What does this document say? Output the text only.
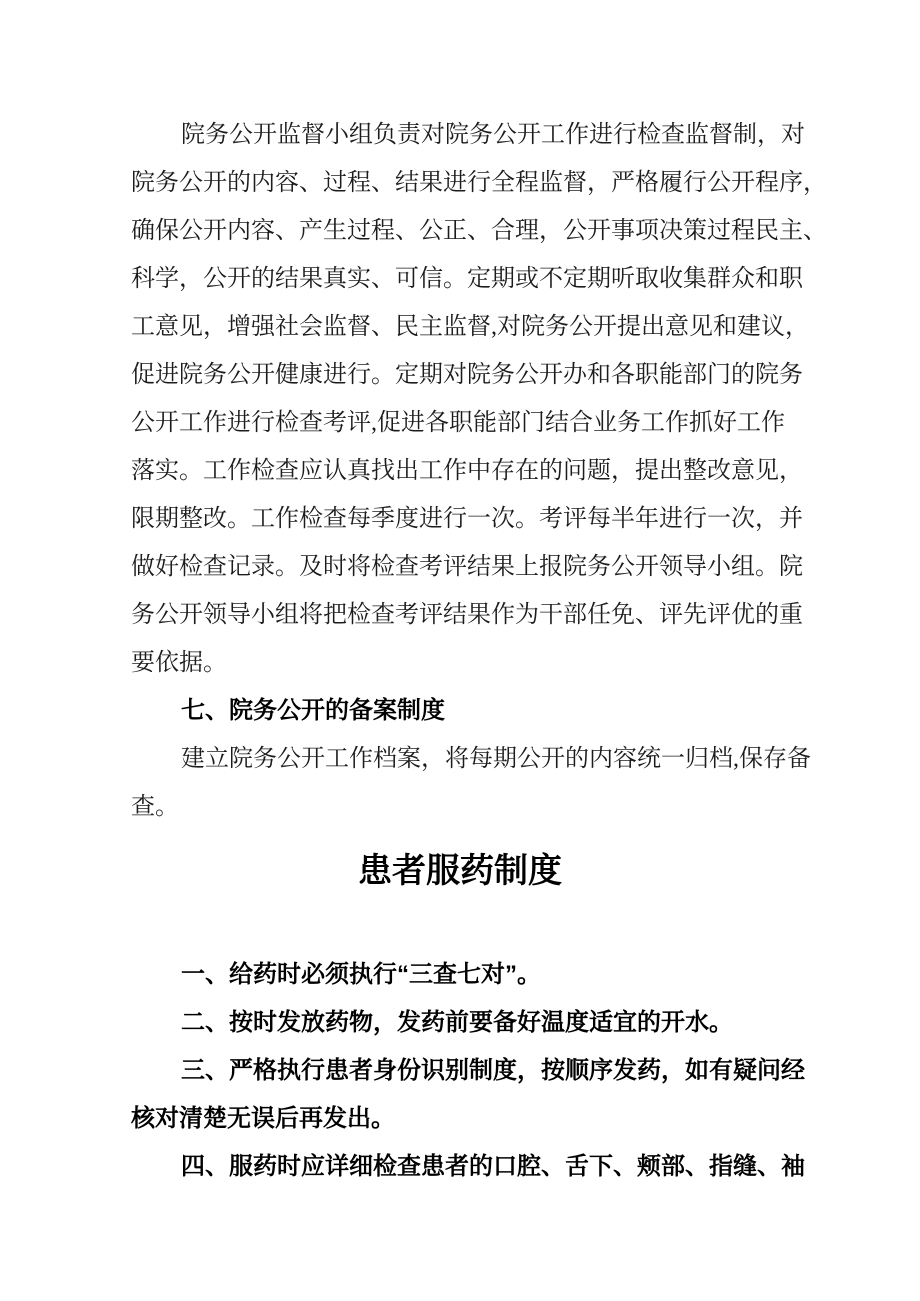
院务公开监督小组负责对院务公开工作进行检查监督制，对
院务公开的内容、过程、结果进行全程监督，严格履行公开程序，
确保公开内容、产生过程、公正、合理，公开事项决策过程民主、
科学，公开的结果真实、可信。定期或不定期听取收集群众和职
工意见，增强社会监督、民主监督,对院务公开提出意见和建议，
促进院务公开健康进行。定期对院务公开办和各职能部门的院务
公开工作进行检查考评,促进各职能部门结合业务工作抓好工作
落实。工作检查应认真找出工作中存在的问题，提出整改意见，
限期整改。工作检查每季度进行一次。考评每半年进行一次，并
做好检查记录。及时将检查考评结果上报院务公开领导小组。院
务公开领导小组将把检查考评结果作为干部任免、评先评优的重
要依据。
七、院务公开的备案制度
建立院务公开工作档案，将每期公开的内容统一归档,保存备
查。
患者服药制度
一、给药时必须执行“三查七对”。
二、按时发放药物，发药前要备好温度适宜的开水。
三、严格执行患者身份识别制度，按顺序发药，如有疑问经
核对清楚无误后再发出。
四、服药时应详细检查患者的口腔、舌下、颊部、指缝、袖
